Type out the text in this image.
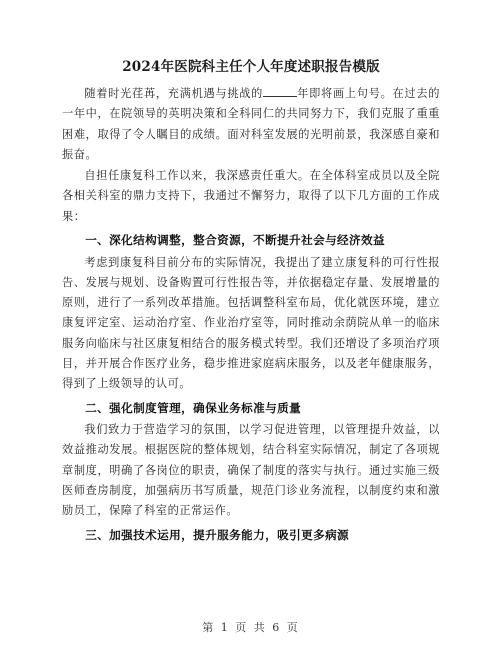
2024年医院科主任个人年度述职报告模版

随着时光荏苒，充满机遇与挑战的	年即将画上句号。在过去的一年中，在院领导的英明决策和全科同仁的共同努力下，我们克服了重重困难，取得了令人瞩目的成绩。面对科室发展的光明前景，我深感自豪和振奋。

自担任康复科工作以来，我深感责任重大。在全体科室成员以及全院各相关科室的鼎力支持下，我通过不懈努力，取得了以下几方面的工作成果：

一、深化结构调整，整合资源，不断提升社会与经济效益

考虑到康复科目前分布的实际情况，我提出了建立康复科的可行性报告、发展与规划、设备购置可行性报告等，并依据稳定存量、发展增量的原则，进行了一系列改革措施。包括调整科室布局，优化就医环境，建立康复评定室、运动治疗室、作业治疗室等，同时推动余荫院从单一的临床服务向临床与社区康复相结合的服务模式转型。我们还增设了多项治疗项目，并开展合作医疗业务，稳步推进家庭病床服务，以及老年健康服务，得到了上级领导的认可。

二、强化制度管理，确保业务标准与质量

我们致力于营造学习的氛围，以学习促进管理，以管理提升效益，以效益推动发展。根据医院的整体规划，结合科室实际情况，制定了各项规章制度，明确了各岗位的职责，确保了制度的落实与执行。通过实施三级医师查房制度，加强病历书写质量，规范门诊业务流程，以制度约束和激励员工，保障了科室的正常运作。

三、加强技术运用，提升服务能力，吸引更多病源
第 1 页 共 6 页
